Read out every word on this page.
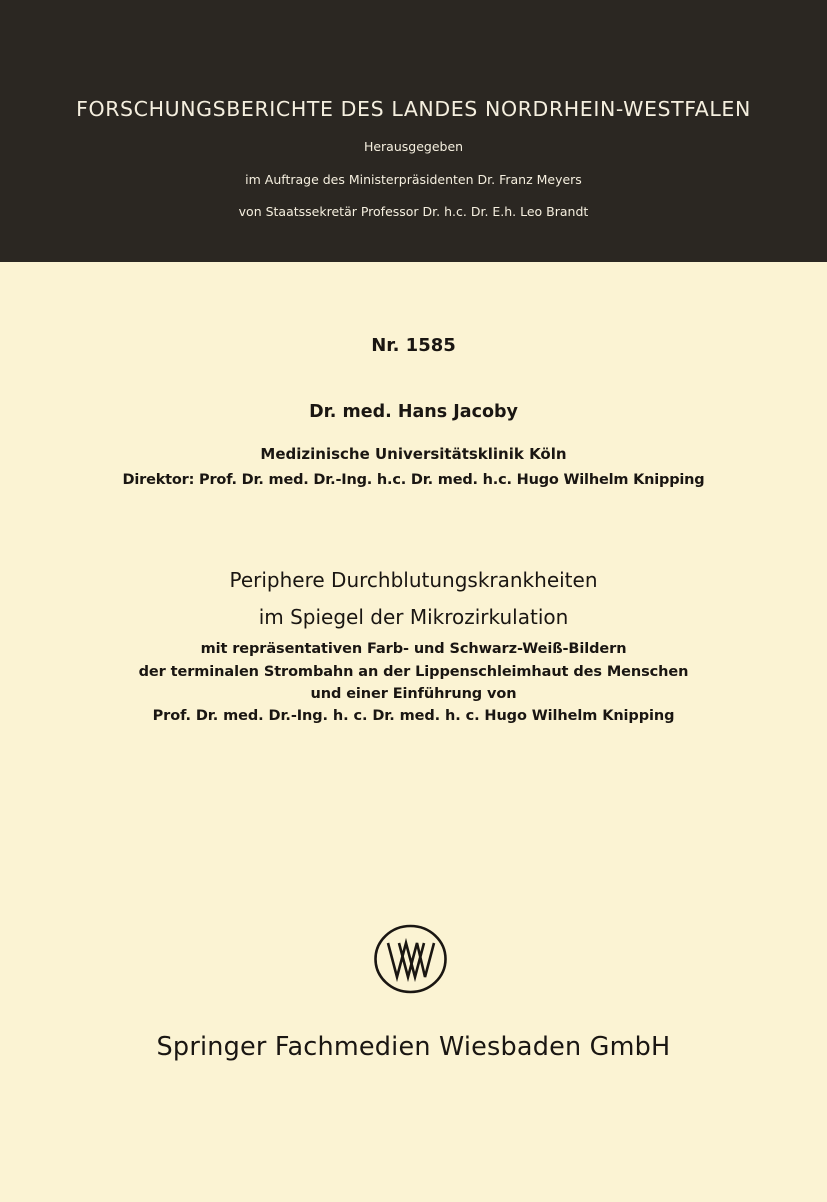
FORSCHUNGSBERICHTE DES LANDES NORDRHEIN-WESTFALEN
Herausgegeben
im Auftrage des Ministerpräsidenten Dr. Franz Meyers
von Staatssekretär Professor Dr. h.c. Dr. E.h. Leo Brandt
Nr. 1585
Dr. med. Hans Jacoby
Medizinische Universitätsklinik Köln
Direktor: Prof. Dr. med. Dr.-Ing. h.c. Dr. med. h.c. Hugo Wilhelm Knipping
Periphere Durchblutungskrankheiten
im Spiegel der Mikrozirkulation
mit repräsentativen Farb- und Schwarz-Weiß-Bildern
der terminalen Strombahn an der Lippenschleimhaut des Menschen
und einer Einführung von
Prof. Dr. med. Dr.-Ing. h. c. Dr. med. h. c. Hugo Wilhelm Knipping
Springer Fachmedien Wiesbaden GmbH
